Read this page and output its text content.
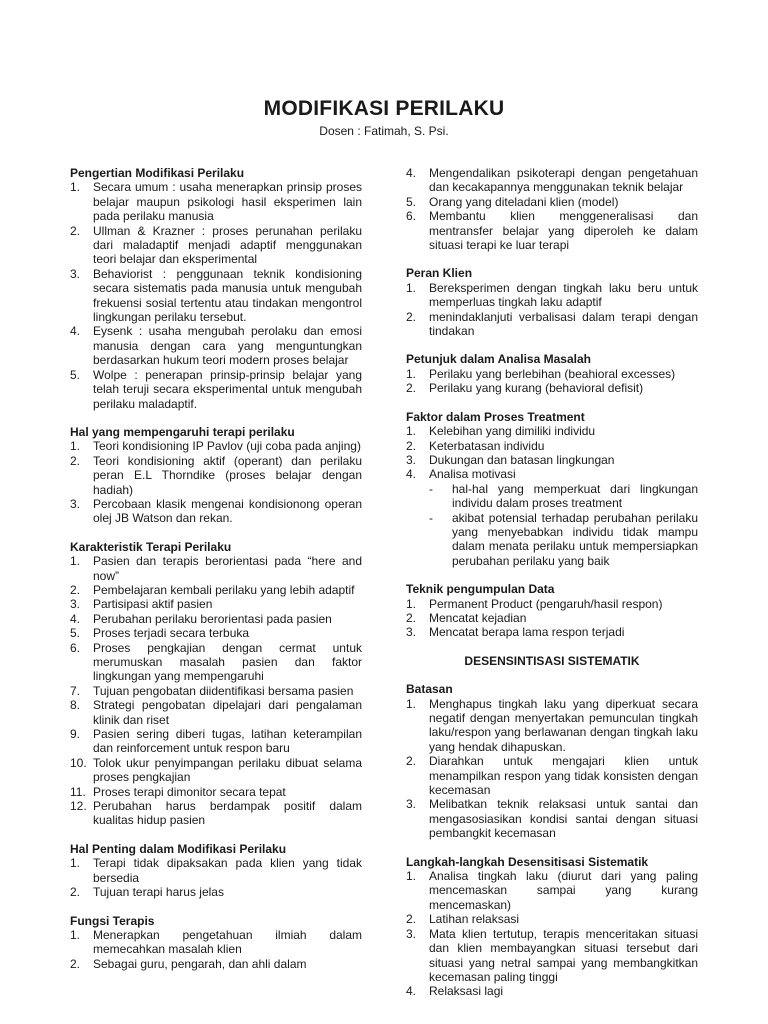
MODIFIKASI PERILAKU
Dosen : Fatimah, S. Psi.
Pengertian Modifikasi Perilaku
1.	Secara umum : usaha menerapkan prinsip proses belajar maupun psikologi hasil eksperimen lain pada perilaku manusia
2.	Ullman & Krazner : proses perunahan perilaku dari maladaptif menjadi adaptif menggunakan teori belajar dan eksperimental
3.	Behaviorist : penggunaan teknik kondisioning secara sistematis pada manusia untuk mengubah frekuensi sosial tertentu atau tindakan mengontrol lingkungan perilaku tersebut.
4.	Eysenk : usaha mengubah perolaku dan emosi manusia dengan cara yang menguntungkan berdasarkan hukum teori modern proses belajar
5.	Wolpe : penerapan prinsip-prinsip belajar yang telah teruji secara eksperimental untuk mengubah perilaku maladaptif.
Hal yang mempengaruhi terapi perilaku
1.	Teori kondisioning IP Pavlov (uji coba pada anjing)
2.	Teori kondisioning aktif (operant) dan perilaku peran E.L Thorndike (proses belajar dengan hadiah)
3.	Percobaan klasik mengenai kondisionong operan olej JB Watson dan rekan.
Karakteristik Terapi Perilaku
1.	Pasien dan terapis berorientasi pada “here and now”
2.	Pembelajaran kembali perilaku yang lebih adaptif
3.	Partisipasi aktif pasien
4.	Perubahan perilaku berorientasi pada pasien
5.	Proses terjadi secara terbuka
6.	Proses pengkajian dengan cermat untuk merumuskan masalah pasien dan faktor lingkungan yang mempengaruhi
7.	Tujuan pengobatan diidentifikasi bersama pasien
8.	Strategi pengobatan dipelajari dari pengalaman klinik dan riset
9.	Pasien sering diberi tugas, latihan keterampilan dan reinforcement untuk respon baru
10. Tolok ukur penyimpangan perilaku dibuat selama proses pengkajian
11. Proses terapi dimonitor secara tepat
12. Perubahan harus berdampak positif dalam kualitas hidup pasien
Hal Penting dalam Modifikasi Perilaku
1.	Terapi tidak dipaksakan pada klien yang tidak bersedia
2.	Tujuan terapi harus jelas
Fungsi Terapis
1.	Menerapkan pengetahuan ilmiah dalam memecahkan masalah klien
2.	Sebagai guru, pengarah, dan ahli dalam
4.	Mengendalikan psikoterapi dengan pengetahuan dan kecakapannya menggunakan teknik belajar
5.	Orang yang diteladani klien (model)
6.	Membantu klien menggeneralisasi dan mentransfer belajar yang diperoleh ke dalam situasi terapi ke luar terapi
Peran Klien
1.	Bereksperimen dengan tingkah laku beru untuk memperluas tingkah laku adaptif
2.	menindaklanjuti verbalisasi dalam terapi dengan tindakan
Petunjuk dalam Analisa Masalah
1.	Perilaku yang berlebihan (beahioral excesses)
2.	Perilaku yang kurang (behavioral defisit)
Faktor dalam Proses Treatment
1.	Kelebihan yang dimiliki individu
2.	Keterbatasan individu
3.	Dukungan dan batasan lingkungan
4.	Analisa motivasi
-	hal-hal yang memperkuat dari lingkungan individu dalam proses treatment
-	akibat potensial terhadap perubahan perilaku yang menyebabkan individu tidak mampu dalam menata perilaku untuk mempersiapkan perubahan perilaku yang baik
Teknik pengumpulan Data
1.	Permanent Product (pengaruh/hasil respon)
2.	Mencatat kejadian
3.	Mencatat berapa lama respon terjadi
DESENSINTISASI SISTEMATIK
Batasan
1.	Menghapus tingkah laku yang diperkuat secara negatif dengan menyertakan pemunculan tingkah laku/respon yang berlawanan dengan tingkah laku yang hendak dihapuskan.
2.	Diarahkan untuk mengajari klien untuk menampilkan respon yang tidak konsisten dengan kecemasan
3.	Melibatkan teknik relaksasi untuk santai dan mengasosiasikan kondisi santai dengan situasi pembangkit kecemasan
Langkah-langkah Desensitisasi Sistematik
1.	Analisa tingkah laku (diurut dari yang paling mencemaskan sampai yang kurang mencemaskan)
2.	Latihan relaksasi
3.	Mata klien tertutup, terapis menceritakan situasi dan klien membayangkan situasi tersebut dari situasi yang netral sampai yang membangkitkan kecemasan paling tinggi
4.	Relaksasi lagi
